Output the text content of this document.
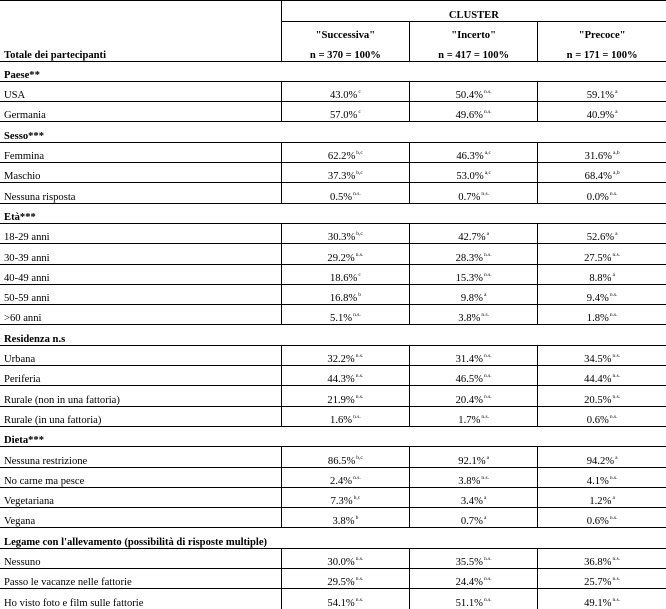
	CLUSTER		
	"Successiva"	"Incerto"	"Precoce"
Totale dei partecipanti	n = 370 = 100%	n = 417 = 100%	n = 171 = 100%
Paese**			
USA	43.0%$^c$	50.4%$^{n.s.}$	59.1%$^a$
Germania	57.0%$^c$	49.6%$^{n.s.}$	40.9%$^a$
Sesso***			
Femmina	62.2%$^{b,c}$	46.3%$^{a,c}$	31.6%$^{a,b}$
Maschio	37.3%$^{b,c}$	53.0%$^{a,c}$	68.4%$^{a,b}$
Nessuna risposta	0.5%$^{n.s.}$	0.7%$^{n.s.}$	0.0%$^{n.s.}$
Età***			
18-29 anni	30.3%$^{b,c}$	42.7%$^a$	52.6%$^a$
30-39 anni	29.2%$^{n.s.}$	28.3%$^{n.s.}$	27.5%$^{n.s.}$
40-49 anni	18.6%$^c$	15.3%$^{n.s.}$	8.8%$^a$
50-59 anni	16.8%$^b$	9.8%$^a$	9.4%$^{n.s.}$
>60 anni	5.1%$^{n.s.}$	3.8%$^{n.s.}$	1.8%$^{n.s.}$
Residenza n.s			
Urbana	32.2%$^{n.s.}$	31.4%$^{n.s.}$	34.5%$^{n.s.}$
Periferia	44.3%$^{n.s.}$	46.5%$^{n.s.}$	44.4%$^{n.s.}$
Rurale (non in una fattoria)	21.9%$^{n.s.}$	20.4%$^{n.s.}$	20.5%$^{n.s.}$
Rurale (in una fattoria)	1.6%$^{n.s.}$	1.7%$^{n.s.}$	0.6%$^{n.s.}$
Dieta***			
Nessuna restrizione	86.5%$^{b,c}$	92.1%$^a$	94.2%$^a$
No carne ma pesce	2.4%$^{n.s.}$	3.8%$^{n.s.}$	4.1%$^{n.s.}$
Vegetariana	7.3%$^{b,c}$	3.4%$^a$	1.2%$^a$
Vegana	3.8%$^b$	0.7%$^a$	0.6%$^{n.s.}$
Legame con l'allevamento (possibilità di risposte multiple)			
Nessuno	30.0%$^{n.s.}$	35.5%$^{n.s.}$	36.8%$^{n.s.}$
Passo le vacanze nelle fattorie	29.5%$^{n.s.}$	24.4%$^{n.s.}$	25.7%$^{n.s.}$
Ho visto foto e film sulle fattorie	54.1%$^{n.s.}$	51.1%$^{n.s.}$	49.1%$^{n.s.}$
